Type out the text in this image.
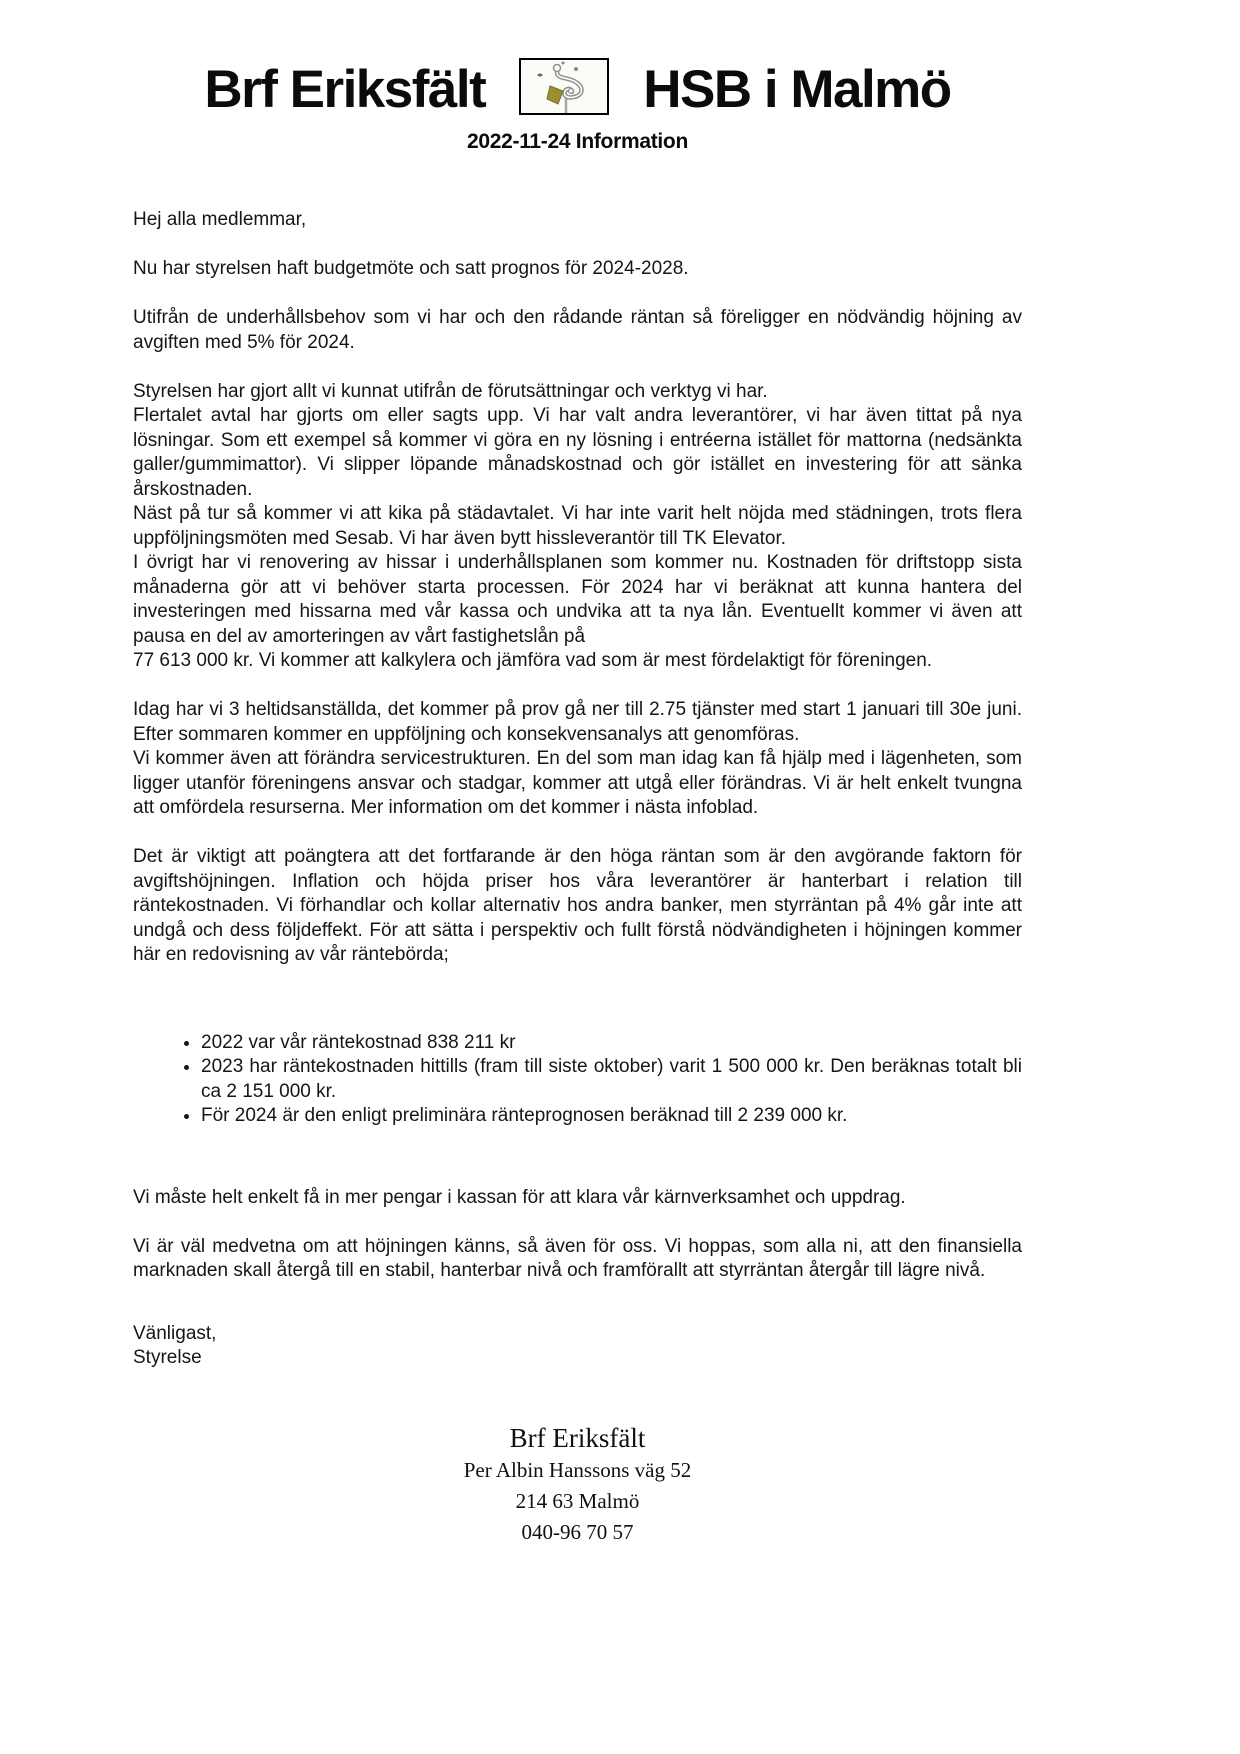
Brf Eriksfält	HSB i Malmö
2022-11-24 Information

Hej alla medlemmar,

Nu har styrelsen haft budgetmöte och satt prognos för 2024-2028.

Utifrån de underhållsbehov som vi har och den rådande räntan så föreligger en nödvändig höjning av avgiften med 5% för 2024.

Styrelsen har gjort allt vi kunnat utifrån de förutsättningar och verktyg vi har.

Flertalet avtal har gjorts om eller sagts upp. Vi har valt andra leverantörer, vi har även tittat på nya lösningar. Som ett exempel så kommer vi göra en ny lösning i entréerna istället för mattorna (nedsänkta galler/gummimattor). Vi slipper löpande månadskostnad och gör istället en investering för att sänka årskostnaden.

Näst på tur så kommer vi att kika på städavtalet. Vi har inte varit helt nöjda med städningen, trots flera uppföljningsmöten med Sesab. Vi har även bytt hissleverantör till TK Elevator.

I övrigt har vi renovering av hissar i underhållsplanen som kommer nu. Kostnaden för driftstopp sista månaderna gör att vi behöver starta processen. För 2024 har vi beräknat att kunna hantera del investeringen med hissarna med vår kassa och undvika att ta nya lån. Eventuellt kommer vi även att pausa en del av amorteringen av vårt fastighetslån på

77 613 000 kr. Vi kommer att kalkylera och jämföra vad som är mest fördelaktigt för föreningen.

Idag har vi 3 heltidsanställda, det kommer på prov gå ner till 2.75 tjänster med start 1 januari till 30e juni. Efter sommaren kommer en uppföljning och konsekvensanalys att genomföras.

Vi kommer även att förändra servicestrukturen. En del som man idag kan få hjälp med i lägenheten, som ligger utanför föreningens ansvar och stadgar, kommer att utgå eller förändras. Vi är helt enkelt tvungna att omfördela resurserna. Mer information om det kommer i nästa infoblad.

Det är viktigt att poängtera att det fortfarande är den höga räntan som är den avgörande faktorn för avgiftshöjningen. Inflation och höjda priser hos våra leverantörer är hanterbart i relation till räntekostnaden. Vi förhandlar och kollar alternativ hos andra banker, men styrräntan på 4% går inte att undgå och dess följdeffekt. För att sätta i perspektiv och fullt förstå nödvändigheten i höjningen kommer här en redovisning av vår räntebörda;

• 2022 var vår räntekostnad 838 211 kr
• 2023 har räntekostnaden hittills (fram till siste oktober) varit 1 500 000 kr. Den beräknas totalt bli ca 2 151 000 kr.
• För 2024 är den enligt preliminära ränteprognosen beräknad till 2 239 000 kr.

Vi måste helt enkelt få in mer pengar i kassan för att klara vår kärnverksamhet och uppdrag.

Vi är väl medvetna om att höjningen känns, så även för oss. Vi hoppas, som alla ni, att den finansiella marknaden skall återgå till en stabil, hanterbar nivå och framförallt att styrräntan återgår till lägre nivå.

Vänligast,

Styrelse

Brf Eriksfält

Per Albin Hanssons väg 52

214 63 Malmö

040-96 70 57
